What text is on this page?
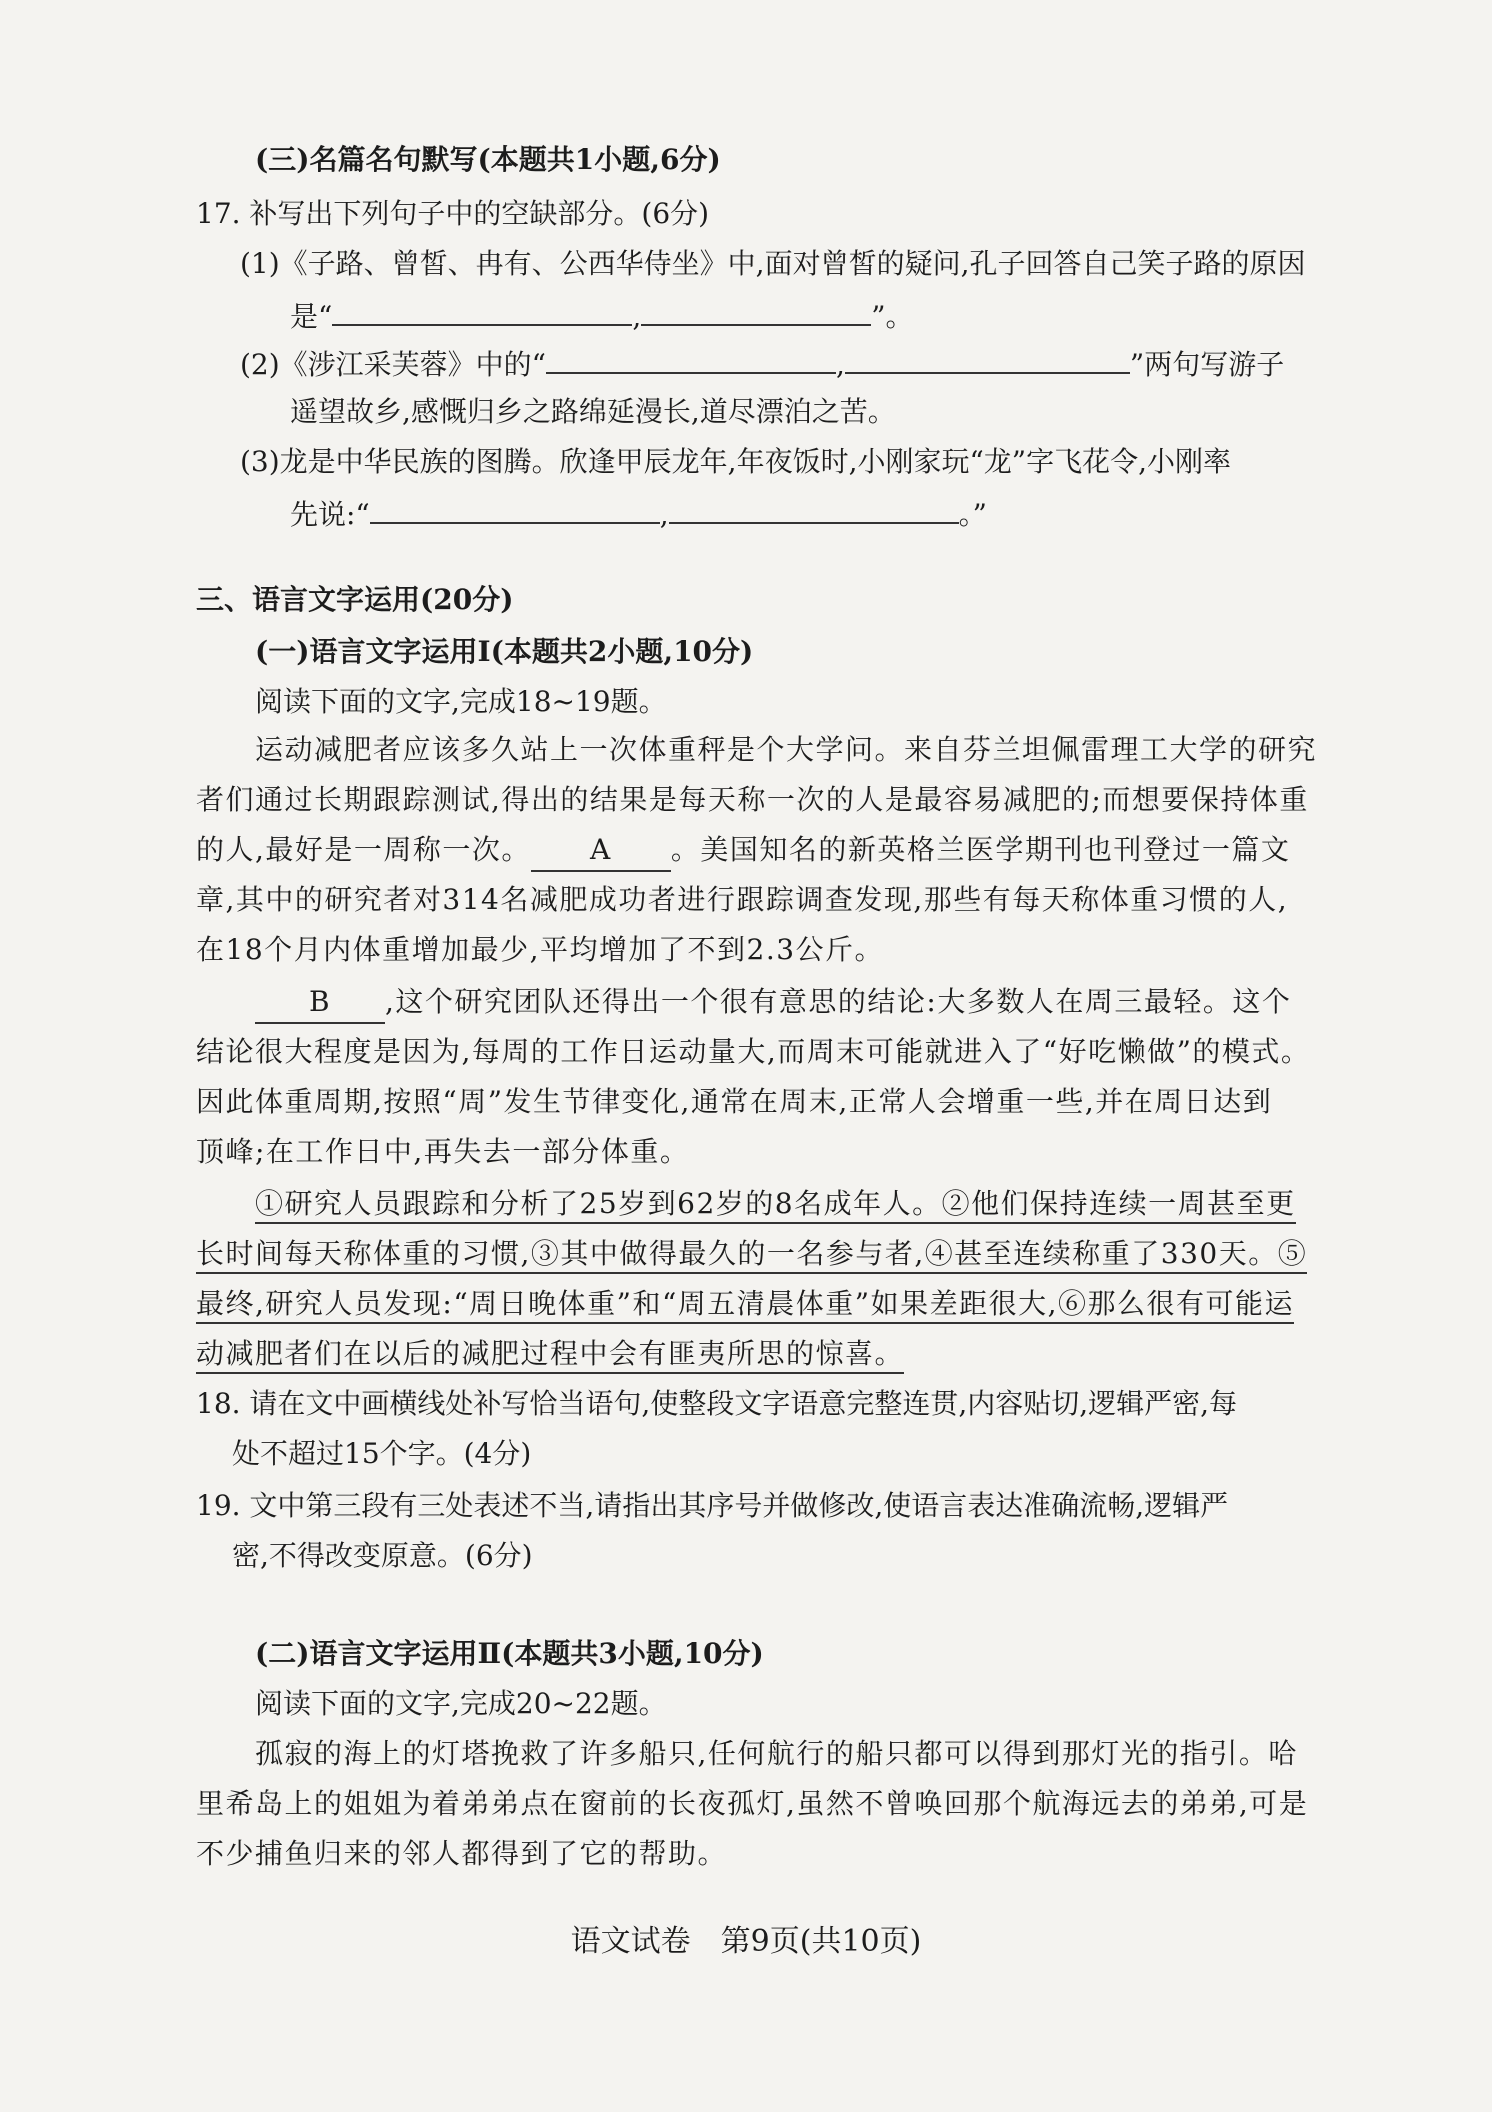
(三)名篇名句默写(本题共1小题,6分)
17. 补写出下列句子中的空缺部分。(6分)
(1)《子路、曾皙、冉有、公西华侍坐》中,面对曾皙的疑问,孔子回答自己笑子路的原因
是“	,	”。
(2)《涉江采芙蓉》中的“	,	”两句写游子
遥望故乡,感慨归乡之路绵延漫长,道尽漂泊之苦。
(3)龙是中华民族的图腾。欣逢甲辰龙年,年夜饭时,小刚家玩“龙”字飞花令,小刚率
先说:“	,	。”
三、语言文字运用(20分)
(一)语言文字运用Ⅰ(本题共2小题,10分)
阅读下面的文字,完成18~19题。
运动减肥者应该多久站上一次体重秤是个大学问。来自芬兰坦佩雷理工大学的研究
者们通过长期跟踪测试,得出的结果是每天称一次的人是最容易减肥的;而想要保持体重
的人,最好是一周称一次。 A 。美国知名的新英格兰医学期刊也刊登过一篇文
章,其中的研究者对314名减肥成功者进行跟踪调查发现,那些有每天称体重习惯的人,
在18个月内体重增加最少,平均增加了不到2.3公斤。
B ,这个研究团队还得出一个很有意思的结论:大多数人在周三最轻。这个
结论很大程度是因为,每周的工作日运动量大,而周末可能就进入了“好吃懒做”的模式。
因此体重周期,按照“周”发生节律变化,通常在周末,正常人会增重一些,并在周日达到
顶峰;在工作日中,再失去一部分体重。
①研究人员跟踪和分析了25岁到62岁的8名成年人。②他们保持连续一周甚至更
长时间每天称体重的习惯,③其中做得最久的一名参与者,④甚至连续称重了330天。⑤
最终,研究人员发现:“周日晚体重”和“周五清晨体重”如果差距很大,⑥那么很有可能运
动减肥者们在以后的减肥过程中会有匪夷所思的惊喜。
18. 请在文中画横线处补写恰当语句,使整段文字语意完整连贯,内容贴切,逻辑严密,每
处不超过15个字。(4分)
19. 文中第三段有三处表述不当,请指出其序号并做修改,使语言表达准确流畅,逻辑严
密,不得改变原意。(6分)
(二)语言文字运用Ⅱ(本题共3小题,10分)
阅读下面的文字,完成20~22题。
孤寂的海上的灯塔挽救了许多船只,任何航行的船只都可以得到那灯光的指引。哈
里希岛上的姐姐为着弟弟点在窗前的长夜孤灯,虽然不曾唤回那个航海远去的弟弟,可是
不少捕鱼归来的邻人都得到了它的帮助。
语文试卷　第9页(共10页)
